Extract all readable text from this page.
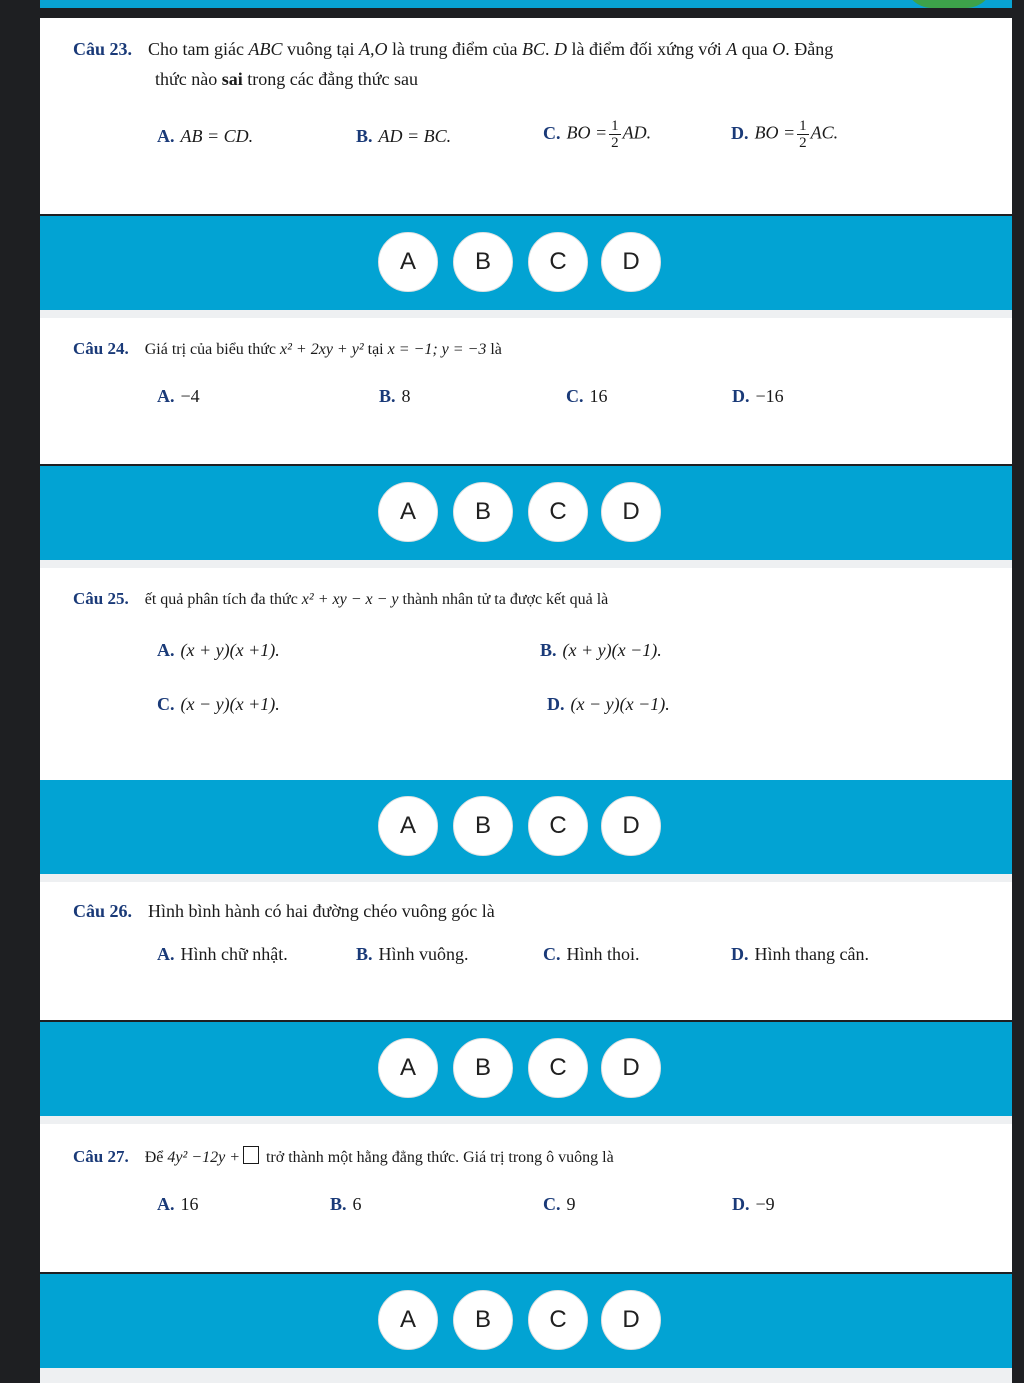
Câu 23. Cho tam giác ABC vuông tại A,O là trung điểm của BC. D là điểm đối xứng với A qua O. Đẳng
thức nào sai trong các đẳng thức sau
A. AB = CD.	B. AD = BC.	C. BO = $\frac{1}{2}$ AD.	D. BO = $\frac{1}{2}$ AC.
A	B	C	D
Câu 24. Giá trị của biểu thức x² + 2xy + y² tại x = −1; y = −3 là
A. −4	B. 8	C. 16	D. −16
A	B	C	D
Câu 25. ết quả phân tích đa thức x² + xy − x − y thành nhân tử ta được kết quả là
A. (x + y)(x +1).	B. (x + y)(x −1).
C. (x − y)(x +1).	D. (x − y)(x −1).
A	B	C	D
Câu 26. Hình bình hành có hai đường chéo vuông góc là
A. Hình chữ nhật.	B. Hình vuông.	C. Hình thoi.	D. Hình thang cân.
A	B	C	D
Câu 27. Để 4y² −12y + trở thành một hằng đẳng thức. Giá trị trong ô vuông là
A. 16	B. 6	C. 9	D. −9
A	B	C	D
